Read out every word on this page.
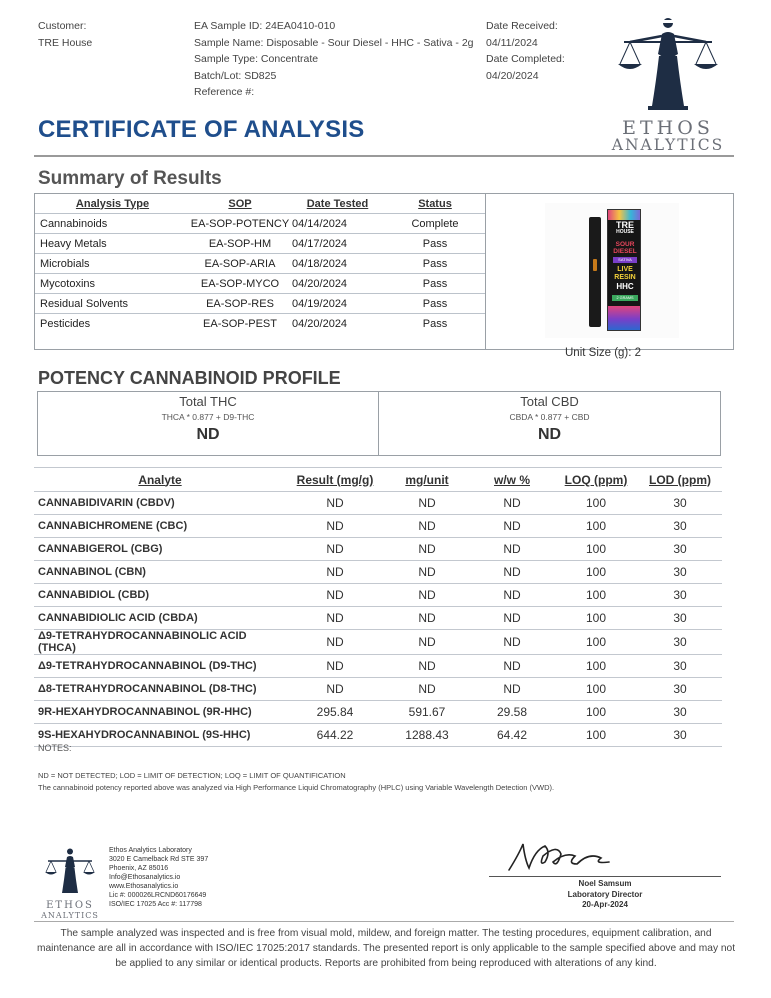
Customer:
TRE House
EA Sample ID: 24EA0410-010
Sample Name: Disposable - Sour Diesel - HHC - Sativa - 2g
Sample Type: Concentrate
Batch/Lot: SD825
Reference #:
Date Received:
04/11/2024
Date Completed:
04/20/2024
ETHOS
ANALYTICS
CERTIFICATE OF ANALYSIS
Summary of Results
Analysis Type	SOP	Date Tested	Status
Cannabinoids	EA-SOP-POTENCY	04/14/2024	Complete
Heavy Metals	EA-SOP-HM	04/17/2024	Pass
Microbials	EA-SOP-ARIA	04/18/2024	Pass
Mycotoxins	EA-SOP-MYCO	04/20/2024	Pass
Residual Solvents	EA-SOP-RES	04/19/2024	Pass
Pesticides	EA-SOP-PEST	04/20/2024	Pass
TRE
HOUSE
SOUR
DIESEL
SATIVA
LIVE
RESIN
HHC
2 GRAMS
Unit Size (g): 2
POTENCY CANNABINOID PROFILE
Total THC
THCA * 0.877 + D9-THC
ND
Total CBD
CBDA * 0.877 + CBD
ND
Analyte	Result (mg/g)	mg/unit	w/w %	LOQ (ppm)	LOD (ppm)
CANNABIDIVARIN (CBDV)	ND	ND	ND	100	30
CANNABICHROMENE (CBC)	ND	ND	ND	100	30
CANNABIGEROL (CBG)	ND	ND	ND	100	30
CANNABINOL (CBN)	ND	ND	ND	100	30
CANNABIDIOL (CBD)	ND	ND	ND	100	30
CANNABIDIOLIC ACID (CBDA)	ND	ND	ND	100	30
Δ9-TETRAHYDROCANNABINOLIC ACID (THCA)	ND	ND	ND	100	30
Δ9-TETRAHYDROCANNABINOL (D9-THC)	ND	ND	ND	100	30
Δ8-TETRAHYDROCANNABINOL (D8-THC)	ND	ND	ND	100	30
9R-HEXAHYDROCANNABINOL (9R-HHC)	295.84	591.67	29.58	100	30
9S-HEXAHYDROCANNABINOL (9S-HHC)	644.22	1288.43	64.42	100	30
NOTES:
ND = NOT DETECTED; LOD = LIMIT OF DETECTION; LOQ = LIMIT OF QUANTIFICATION
The cannabinoid potency reported above was analyzed via High Performance Liquid Chromatography (HPLC) using Variable Wavelength Detection (VWD).
ETHOS
ANALYTICS
Ethos Analytics Laboratory
3020 E Camelback Rd STE 397
Phoenix, AZ 85016
Info@Ethosanalytics.io
www.Ethosanalytics.io
Lic #: 000026LRCND60176649
ISO/IEC 17025 Acc #: 117798
Noel Samsum
Laboratory Director
20-Apr-2024
The sample analyzed was inspected and is free from visual mold, mildew, and foreign matter. The testing procedures, equipment calibration, and maintenance are all in accordance with ISO/IEC 17025:2017 standards. The presented report is only applicable to the sample specified above and may not be applied to any similar or identical products. Reports are prohibited from being reproduced with alterations of any kind.
